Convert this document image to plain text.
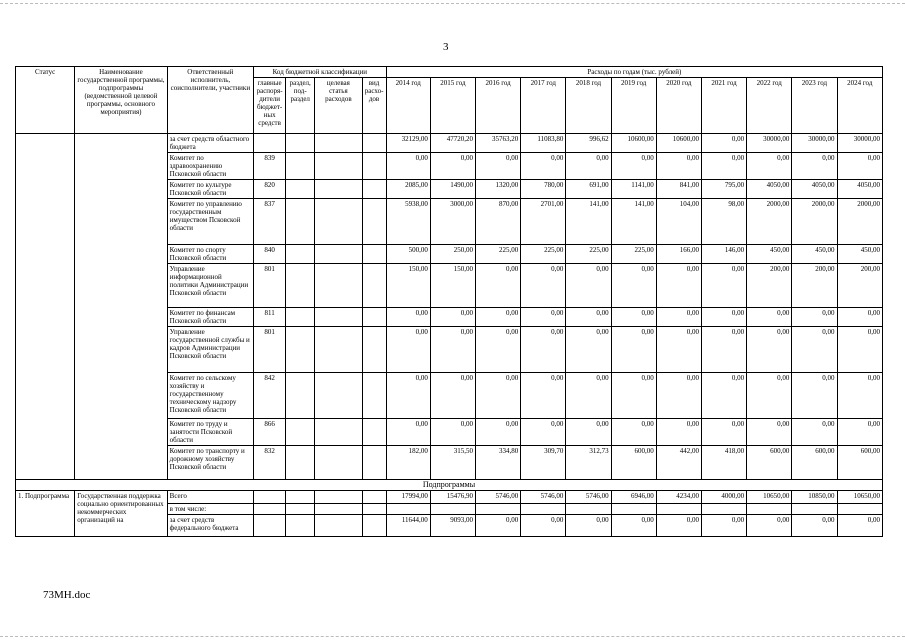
3
Статус	Наименование государственной программы, подпрограммы (ведомственной целевой программы, основного мероприятия)	Ответственный исполнитель, соисполнители, участники	Код бюджетной классификации				Расходы по годам (тыс. рублей)										
			главные распоря-дители бюджет-ных средств	раздел, под-раздел	целевая статья расходов	вид расхо-дов	2014 год	2015 год	2016 год	2017 год	2018 год	2019 год	2020 год	2021 год	2022 год	2023 год	2024 год
		за счет средств областного бюджета					32129,00	47720,20	35763,20	11083,80	996,62	10600,00	10600,00	0,00	30000,00	30000,00	30000,00
		Комитет по здравоохранению Псковской области	839				0,00	0,00	0,00	0,00	0,00	0,00	0,00	0,00	0,00	0,00	0,00
		Комитет по культуре Псковской области	820				2085,00	1490,00	1320,00	780,00	691,00	1141,00	841,00	795,00	4050,00	4050,00	4050,00
		Комитет по управлению государственным имуществом Псковской области	837				5938,00	3000,00	870,00	2701,00	141,00	141,00	104,00	98,00	2000,00	2000,00	2000,00
		Комитет по спорту Псковской области	840				500,00	250,00	225,00	225,00	225,00	225,00	166,00	146,00	450,00	450,00	450,00
		Управление информационной политики Администрации Псковской области	801				150,00	150,00	0,00	0,00	0,00	0,00	0,00	0,00	200,00	200,00	200,00
		Комитет по финансам Псковской области	811				0,00	0,00	0,00	0,00	0,00	0,00	0,00	0,00	0,00	0,00	0,00
		Управление государственной службы и кадров Администрации Псковской области	801				0,00	0,00	0,00	0,00	0,00	0,00	0,00	0,00	0,00	0,00	0,00
		Комитет по сельскому хозяйству и государственному техническому надзору Псковской области	842				0,00	0,00	0,00	0,00	0,00	0,00	0,00	0,00	0,00	0,00	0,00
		Комитет по труду и занятости Псковской области	866				0,00	0,00	0,00	0,00	0,00	0,00	0,00	0,00	0,00	0,00	0,00
		Комитет по транспорту и дорожному хозяйству Псковской области	832				182,00	315,50	334,80	309,70	312,73	600,00	442,00	418,00	600,00	600,00	600,00
Подпрограммы																	
1. Подпрограмма	Государственная поддержка социально ориентированных некоммерческих организаций на	Всего					17994,00	15476,90	5746,00	5746,00	5746,00	6946,00	4234,00	4000,00	10650,00	10850,00	10650,00
		в том числе:															
		за счет средств федерального бюджета					11644,00	9093,00	0,00	0,00	0,00	0,00	0,00	0,00	0,00	0,00	0,00
73МН.doc
